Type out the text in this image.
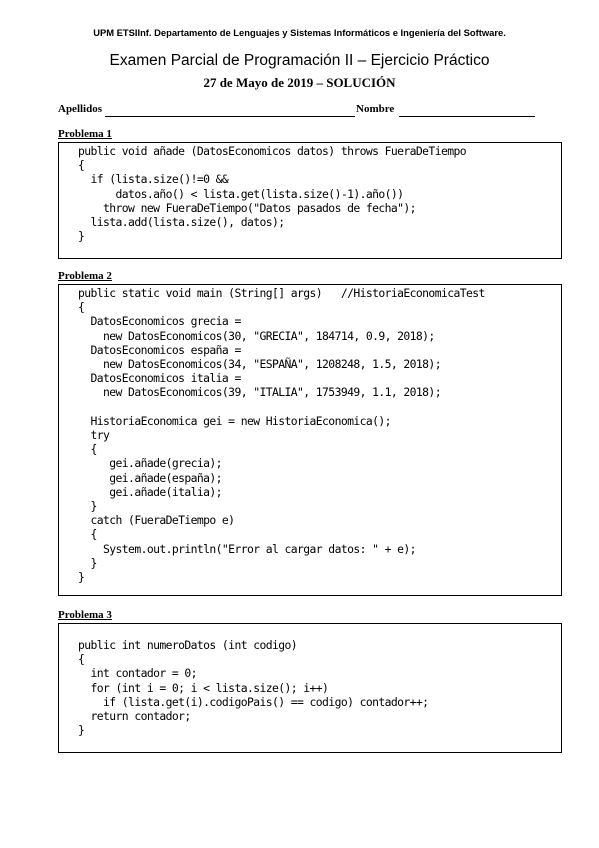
UPM ETSIInf. Departamento de Lenguajes y Sistemas Informáticos e Ingeniería del Software.
Examen Parcial de Programación II – Ejercicio Práctico
27 de Mayo de 2019 – SOLUCIÓN
Apellidos	Nombre
Problema 1
public void añade (DatosEconomicos datos) throws FueraDeTiempo
{
if (lista.size()!=0 &&
datos.año() < lista.get(lista.size()-1).año())
throw new FueraDeTiempo("Datos pasados de fecha");
lista.add(lista.size(), datos);
}
Problema 2
public static void main (String[] args)   //HistoriaEconomicaTest
{
DatosEconomicos grecia =
new DatosEconomicos(30, "GRECIA", 184714, 0.9, 2018);
DatosEconomicos españa =
new DatosEconomicos(34, "ESPAÑA", 1208248, 1.5, 2018);
DatosEconomicos italia =
new DatosEconomicos(39, "ITALIA", 1753949, 1.1, 2018);

HistoriaEconomica gei = new HistoriaEconomica();
try
{
gei.añade(grecia);
gei.añade(españa);
gei.añade(italia);
}
catch (FueraDeTiempo e)
{
System.out.println("Error al cargar datos: " + e);
}
}
Problema 3
public int numeroDatos (int codigo)
{
int contador = 0;
for (int i = 0; i < lista.size(); i++)
if (lista.get(i).codigoPais() == codigo) contador++;
return contador;
}
